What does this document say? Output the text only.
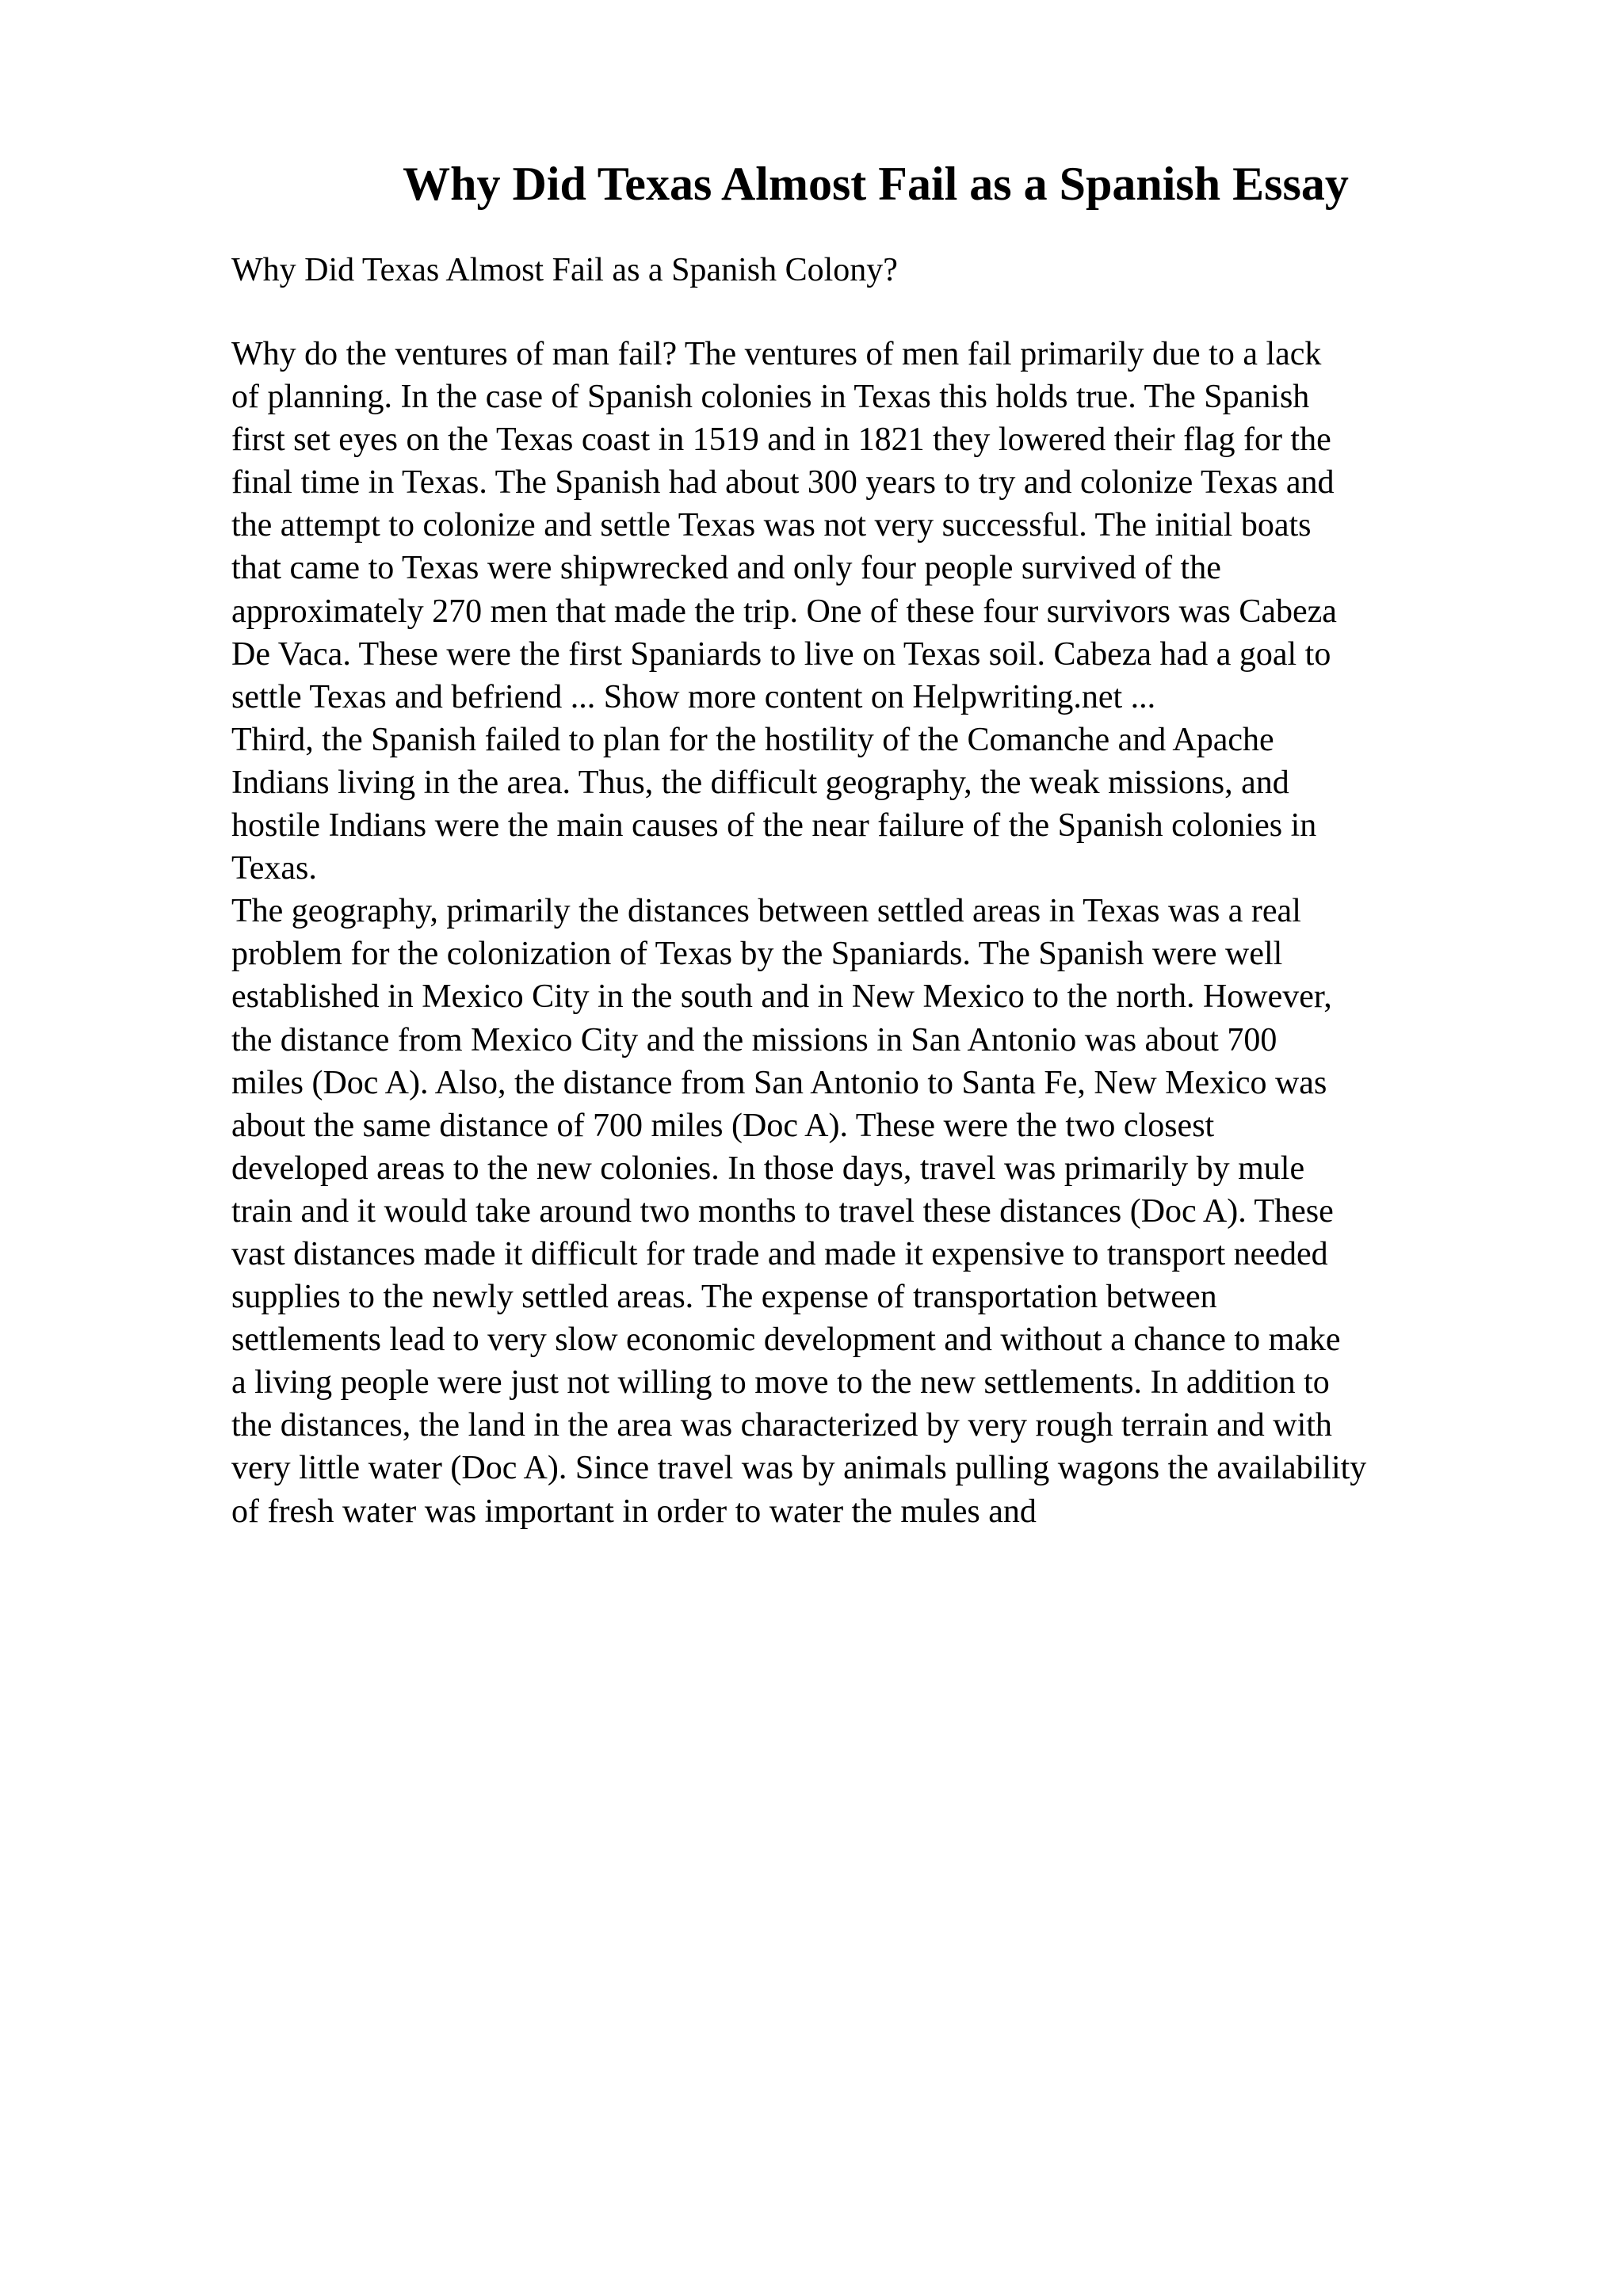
Why Did Texas Almost Fail as a Spanish Essay

Why Did Texas Almost Fail as a Spanish Colony?

Why do the ventures of man fail? The ventures of men fail primarily due to a lack
of planning. In the case of Spanish colonies in Texas this holds true. The Spanish
first set eyes on the Texas coast in 1519 and in 1821 they lowered their flag for the
final time in Texas. The Spanish had about 300 years to try and colonize Texas and
the attempt to colonize and settle Texas was not very successful. The initial boats
that came to Texas were shipwrecked and only four people survived of the
approximately 270 men that made the trip. One of these four survivors was Cabeza
De Vaca. These were the first Spaniards to live on Texas soil. Cabeza had a goal to
settle Texas and befriend ... Show more content on Helpwriting.net ...
Third, the Spanish failed to plan for the hostility of the Comanche and Apache
Indians living in the area. Thus, the difficult geography, the weak missions, and
hostile Indians were the main causes of the near failure of the Spanish colonies in
Texas.
The geography, primarily the distances between settled areas in Texas was a real
problem for the colonization of Texas by the Spaniards. The Spanish were well
established in Mexico City in the south and in New Mexico to the north. However,
the distance from Mexico City and the missions in San Antonio was about 700
miles (Doc A). Also, the distance from San Antonio to Santa Fe, New Mexico was
about the same distance of 700 miles (Doc A). These were the two closest
developed areas to the new colonies. In those days, travel was primarily by mule
train and it would take around two months to travel these distances (Doc A). These
vast distances made it difficult for trade and made it expensive to transport needed
supplies to the newly settled areas. The expense of transportation between
settlements lead to very slow economic development and without a chance to make
a living people were just not willing to move to the new settlements. In addition to
the distances, the land in the area was characterized by very rough terrain and with
very little water (Doc A). Since travel was by animals pulling wagons the availability
of fresh water was important in order to water the mules and
